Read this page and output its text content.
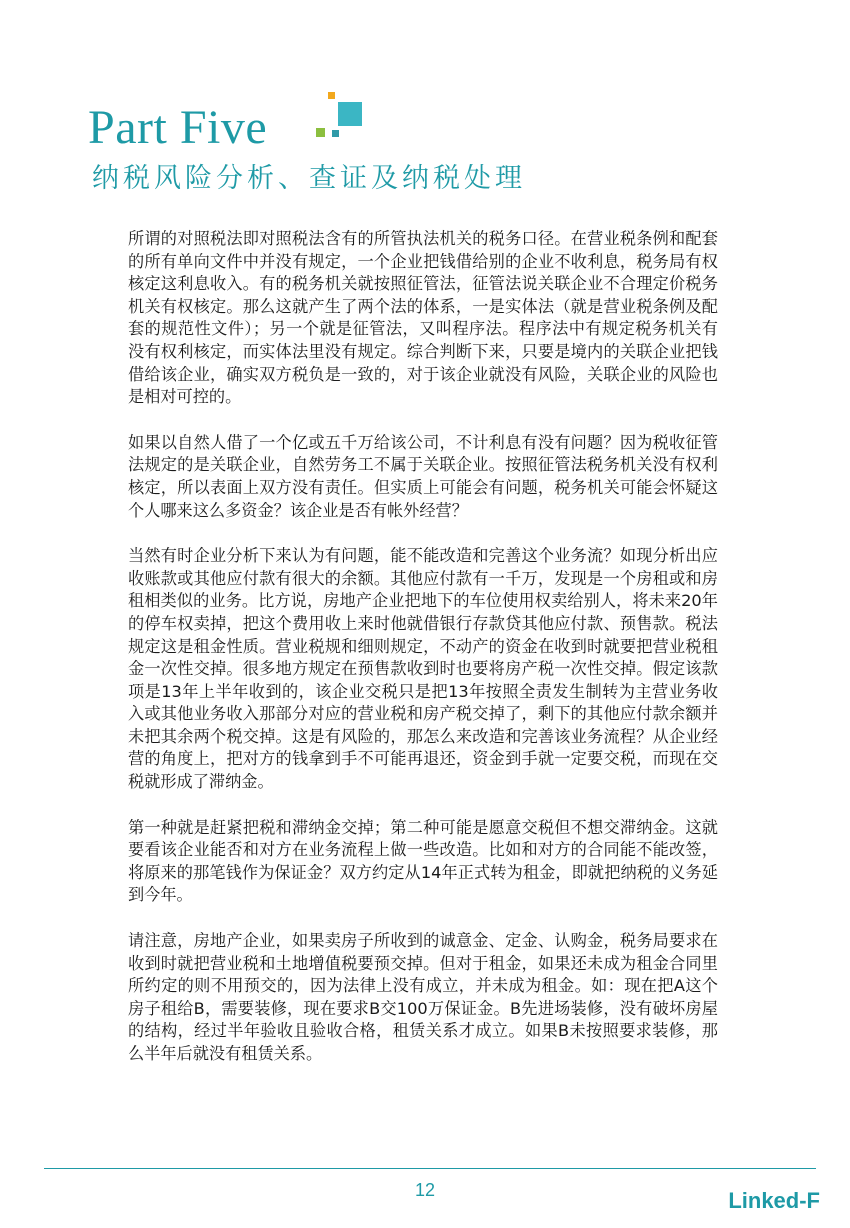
Part Five
纳税风险分析、查证及纳税处理

所谓的对照税法即对照税法含有的所管执法机关的税务口径。在营业税条例和配套的所有单向文件中并没有规定，一个企业把钱借给别的企业不收利息，税务局有权核定这利息收入。有的税务机关就按照征管法，征管法说关联企业不合理定价税务机关有权核定。那么这就产生了两个法的体系，一是实体法（就是营业税条例及配套的规范性文件）；另一个就是征管法，又叫程序法。程序法中有规定税务机关有没有权利核定，而实体法里没有规定。综合判断下来，只要是境内的关联企业把钱借给该企业，确实双方税负是一致的，对于该企业就没有风险，关联企业的风险也是相对可控的。

如果以自然人借了一个亿或五千万给该公司，不计利息有没有问题？因为税收征管法规定的是关联企业，自然劳务工不属于关联企业。按照征管法税务机关没有权利核定，所以表面上双方没有责任。但实质上可能会有问题，税务机关可能会怀疑这个人哪来这么多资金？该企业是否有帐外经营？

当然有时企业分析下来认为有问题，能不能改造和完善这个业务流？如现分析出应收账款或其他应付款有很大的余额。其他应付款有一千万，发现是一个房租或和房租相类似的业务。比方说，房地产企业把地下的车位使用权卖给别人，将未来20年的停车权卖掉，把这个费用收上来时他就借银行存款贷其他应付款、预售款。税法规定这是租金性质。营业税规和细则规定，不动产的资金在收到时就要把营业税租金一次性交掉。很多地方规定在预售款收到时也要将房产税一次性交掉。假定该款项是13年上半年收到的，该企业交税只是把13年按照全责发生制转为主营业务收入或其他业务收入那部分对应的营业税和房产税交掉了，剩下的其他应付款余额并未把其余两个税交掉。这是有风险的，那怎么来改造和完善该业务流程？从企业经营的角度上，把对方的钱拿到手不可能再退还，资金到手就一定要交税，而现在交税就形成了滞纳金。

第一种就是赶紧把税和滞纳金交掉；第二种可能是愿意交税但不想交滞纳金。这就要看该企业能否和对方在业务流程上做一些改造。比如和对方的合同能不能改签，将原来的那笔钱作为保证金？双方约定从14年正式转为租金，即就把纳税的义务延到今年。

请注意，房地产企业，如果卖房子所收到的诚意金、定金、认购金，税务局要求在收到时就把营业税和土地增值税要预交掉。但对于租金，如果还未成为租金合同里所约定的则不用预交的，因为法律上没有成立，并未成为租金。如：现在把A这个房子租给B，需要装修，现在要求B交100万保证金。B先进场装修，没有破坏房屋的结构，经过半年验收且验收合格，租赁关系才成立。如果B未按照要求装修，那么半年后就没有租赁关系。

12	Linked-F
